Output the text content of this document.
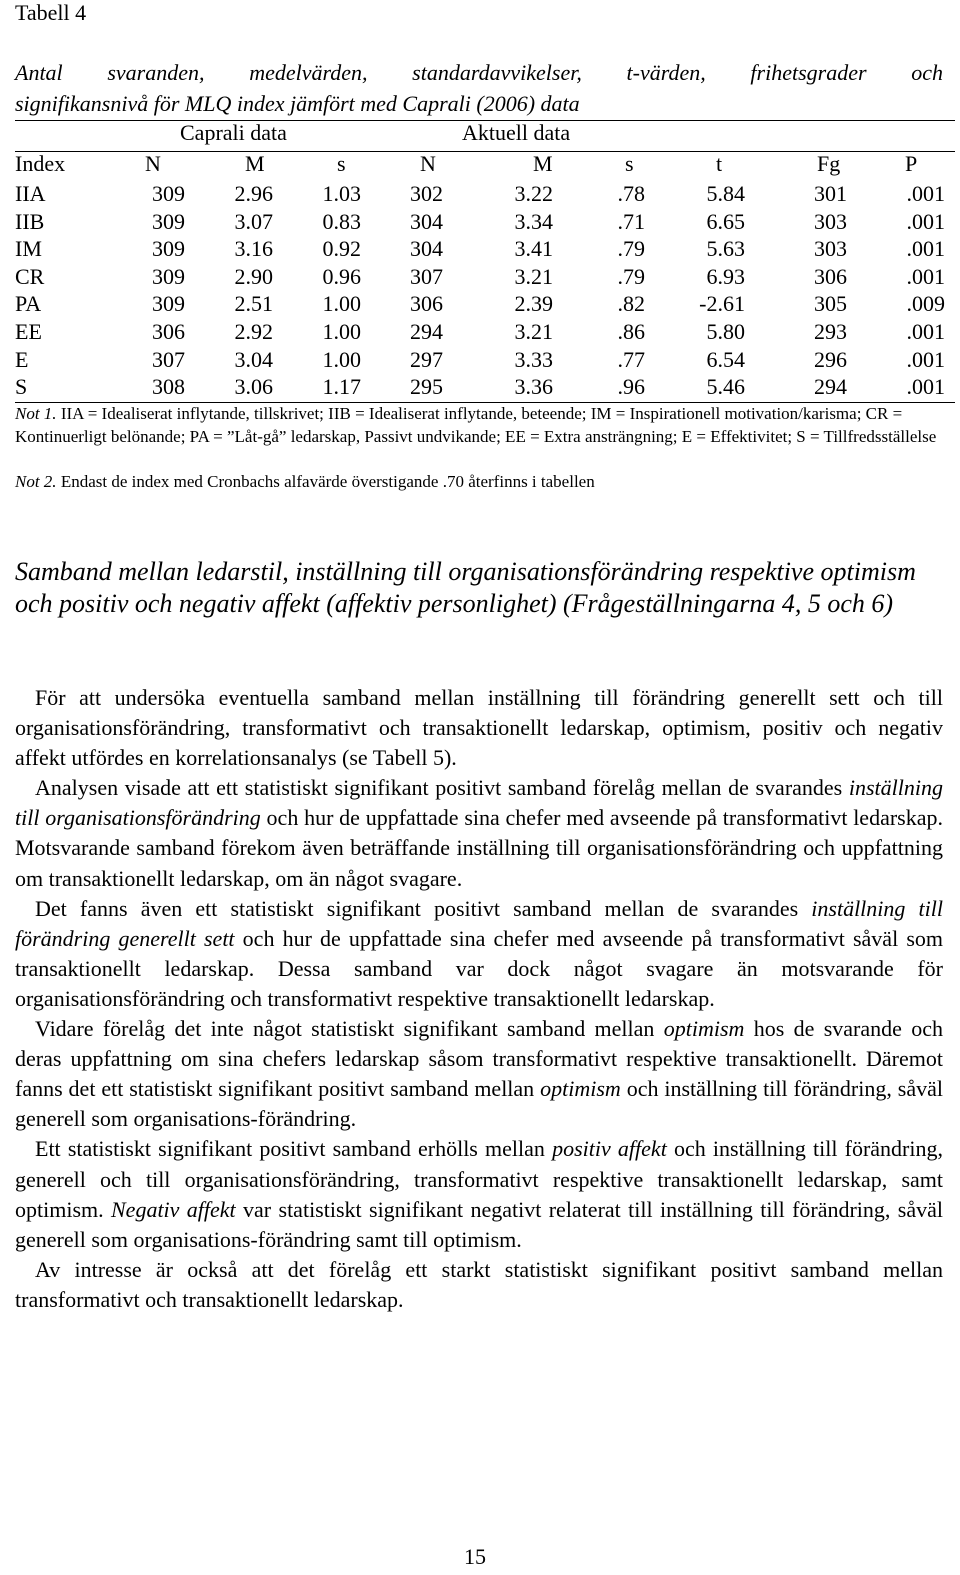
Tabell 4
Antal svaranden, medelvärden, standardavvikelser, t-värden, frihetsgrader och
signifikansnivå för MLQ index jämfört med Caprali (2006) data
Caprali data	Aktuell data
Index	N	M	s	N	M	s	t	Fg	P
IIA	309	2.96	1.03	302	3.22	.78	5.84	301	.001
IIB	309	3.07	0.83	304	3.34	.71	6.65	303	.001
IM	309	3.16	0.92	304	3.41	.79	5.63	303	.001
CR	309	2.90	0.96	307	3.21	.79	6.93	306	.001
PA	309	2.51	1.00	306	2.39	.82	-2.61	305	.009
EE	306	2.92	1.00	294	3.21	.86	5.80	293	.001
E	307	3.04	1.00	297	3.33	.77	6.54	296	.001
S	308	3.06	1.17	295	3.36	.96	5.46	294	.001
Not 1. IIA = Idealiserat inflytande, tillskrivet; IIB = Idealiserat inflytande, beteende; IM = Inspirationell motivation/karisma; CR = Kontinuerligt belönande; PA = ”Låt-gå” ledarskap, Passivt undvikande; EE = Extra ansträngning; E = Effektivitet; S = Tillfredsställelse
Not 2. Endast de index med Cronbachs alfavärde överstigande .70 återfinns i tabellen
Samband mellan ledarstil, inställning till organisationsförändring respektive optimism och positiv och negativ affekt (affektiv personlighet) (Frågeställningarna 4, 5 och 6)

För att undersöka eventuella samband mellan inställning till förändring generellt sett och till organisationsförändring, transformativt och transaktionellt ledarskap, optimism, positiv och negativ affekt utfördes en korrelationsanalys (se Tabell 5).

Analysen visade att ett statistiskt signifikant positivt samband förelåg mellan de svarandes inställning till organisationsförändring och hur de uppfattade sina chefer med avseende på transformativt ledarskap. Motsvarande samband förekom även beträffande inställning till organisationsförändring och uppfattning om transaktionellt ledarskap, om än något svagare.

Det fanns även ett statistiskt signifikant positivt samband mellan de svarandes inställning till förändring generellt sett och hur de uppfattade sina chefer med avseende på transformativt såväl som transaktionellt ledarskap. Dessa samband var dock något svagare än motsvarande för organisationsförändring och transformativt respektive transaktionellt ledarskap.

Vidare förelåg det inte något statistiskt signifikant samband mellan optimism hos de svarande och deras uppfattning om sina chefers ledarskap såsom transformativt respektive transaktionellt. Däremot fanns det ett statistiskt signifikant positivt samband mellan optimism och inställning till förändring, såväl generell som organisations-förändring.

Ett statistiskt signifikant positivt samband erhölls mellan positiv affekt och inställning till förändring, generell och till organisationsförändring, transformativt respektive transaktionellt ledarskap, samt optimism. Negativ affekt var statistiskt signifikant negativt relaterat till inställning till förändring, såväl generell som organisations-förändring samt till optimism.

Av intresse är också att det förelåg ett starkt statistiskt signifikant positivt samband mellan transformativt och transaktionellt ledarskap.

15
